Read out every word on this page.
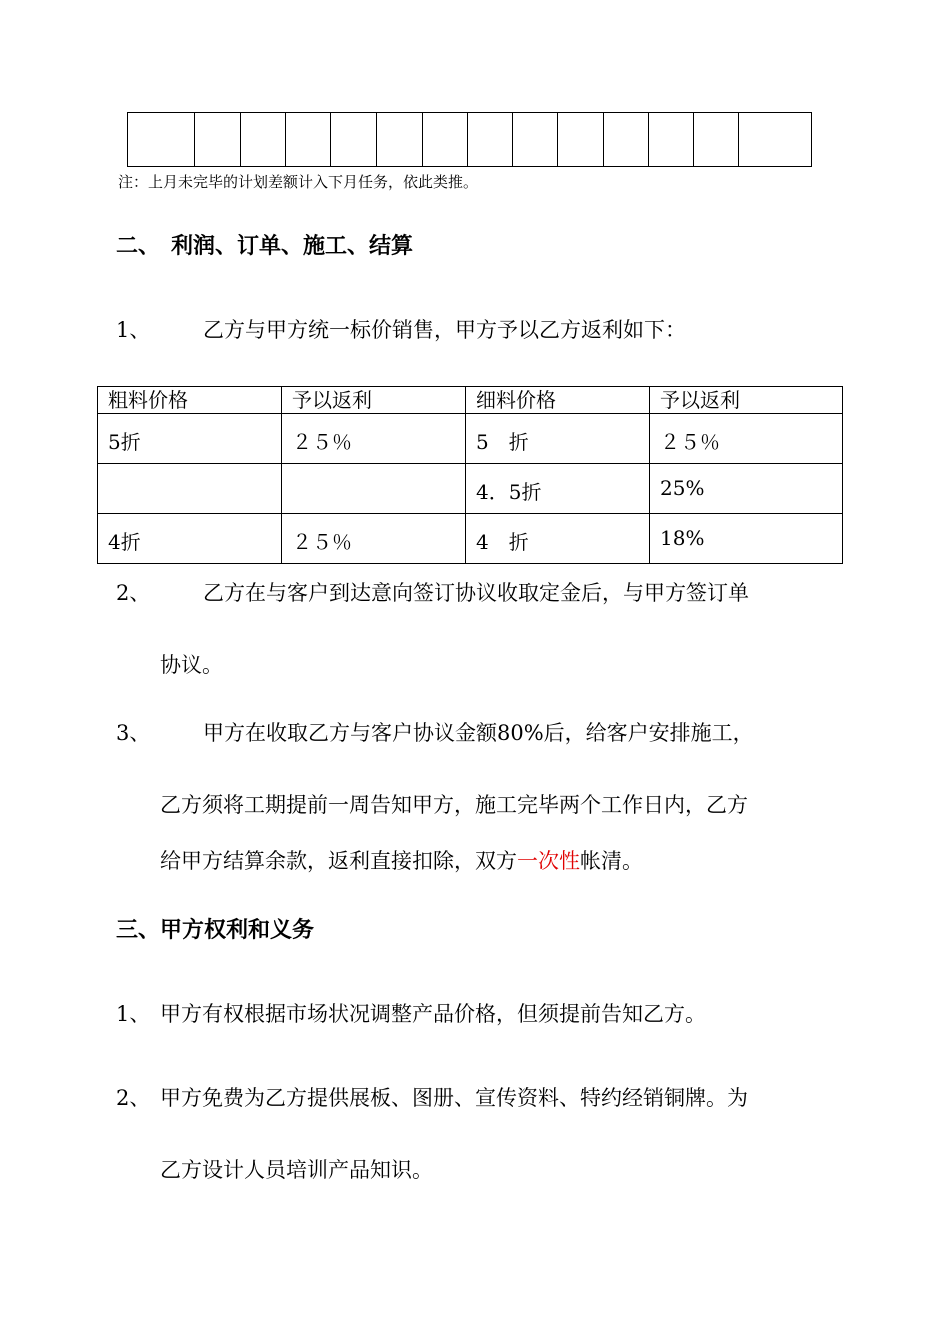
注：上月未完毕的计划差额计入下月任务，依此类推。
二、　利润、订单、施工、结算
1、	乙方与甲方统一标价销售，甲方予以乙方返利如下：
粗料价格	予以返利	细料价格	予以返利
5折	２５％	5　折	２５％
		4．5折	25%
4折	２５％	4　折	18%
2、	乙方在与客户到达意向签订协议收取定金后，与甲方签订单
协议。
3、	甲方在收取乙方与客户协议金额80%后，给客户安排施工，
乙方须将工期提前一周告知甲方，施工完毕两个工作日内，乙方
给甲方结算余款，返利直接扣除，双方一次性帐清。
三、甲方权利和义务
1、 甲方有权根据市场状况调整产品价格，但须提前告知乙方。
2、 甲方免费为乙方提供展板、图册、宣传资料、特约经销铜牌。为
乙方设计人员培训产品知识。
